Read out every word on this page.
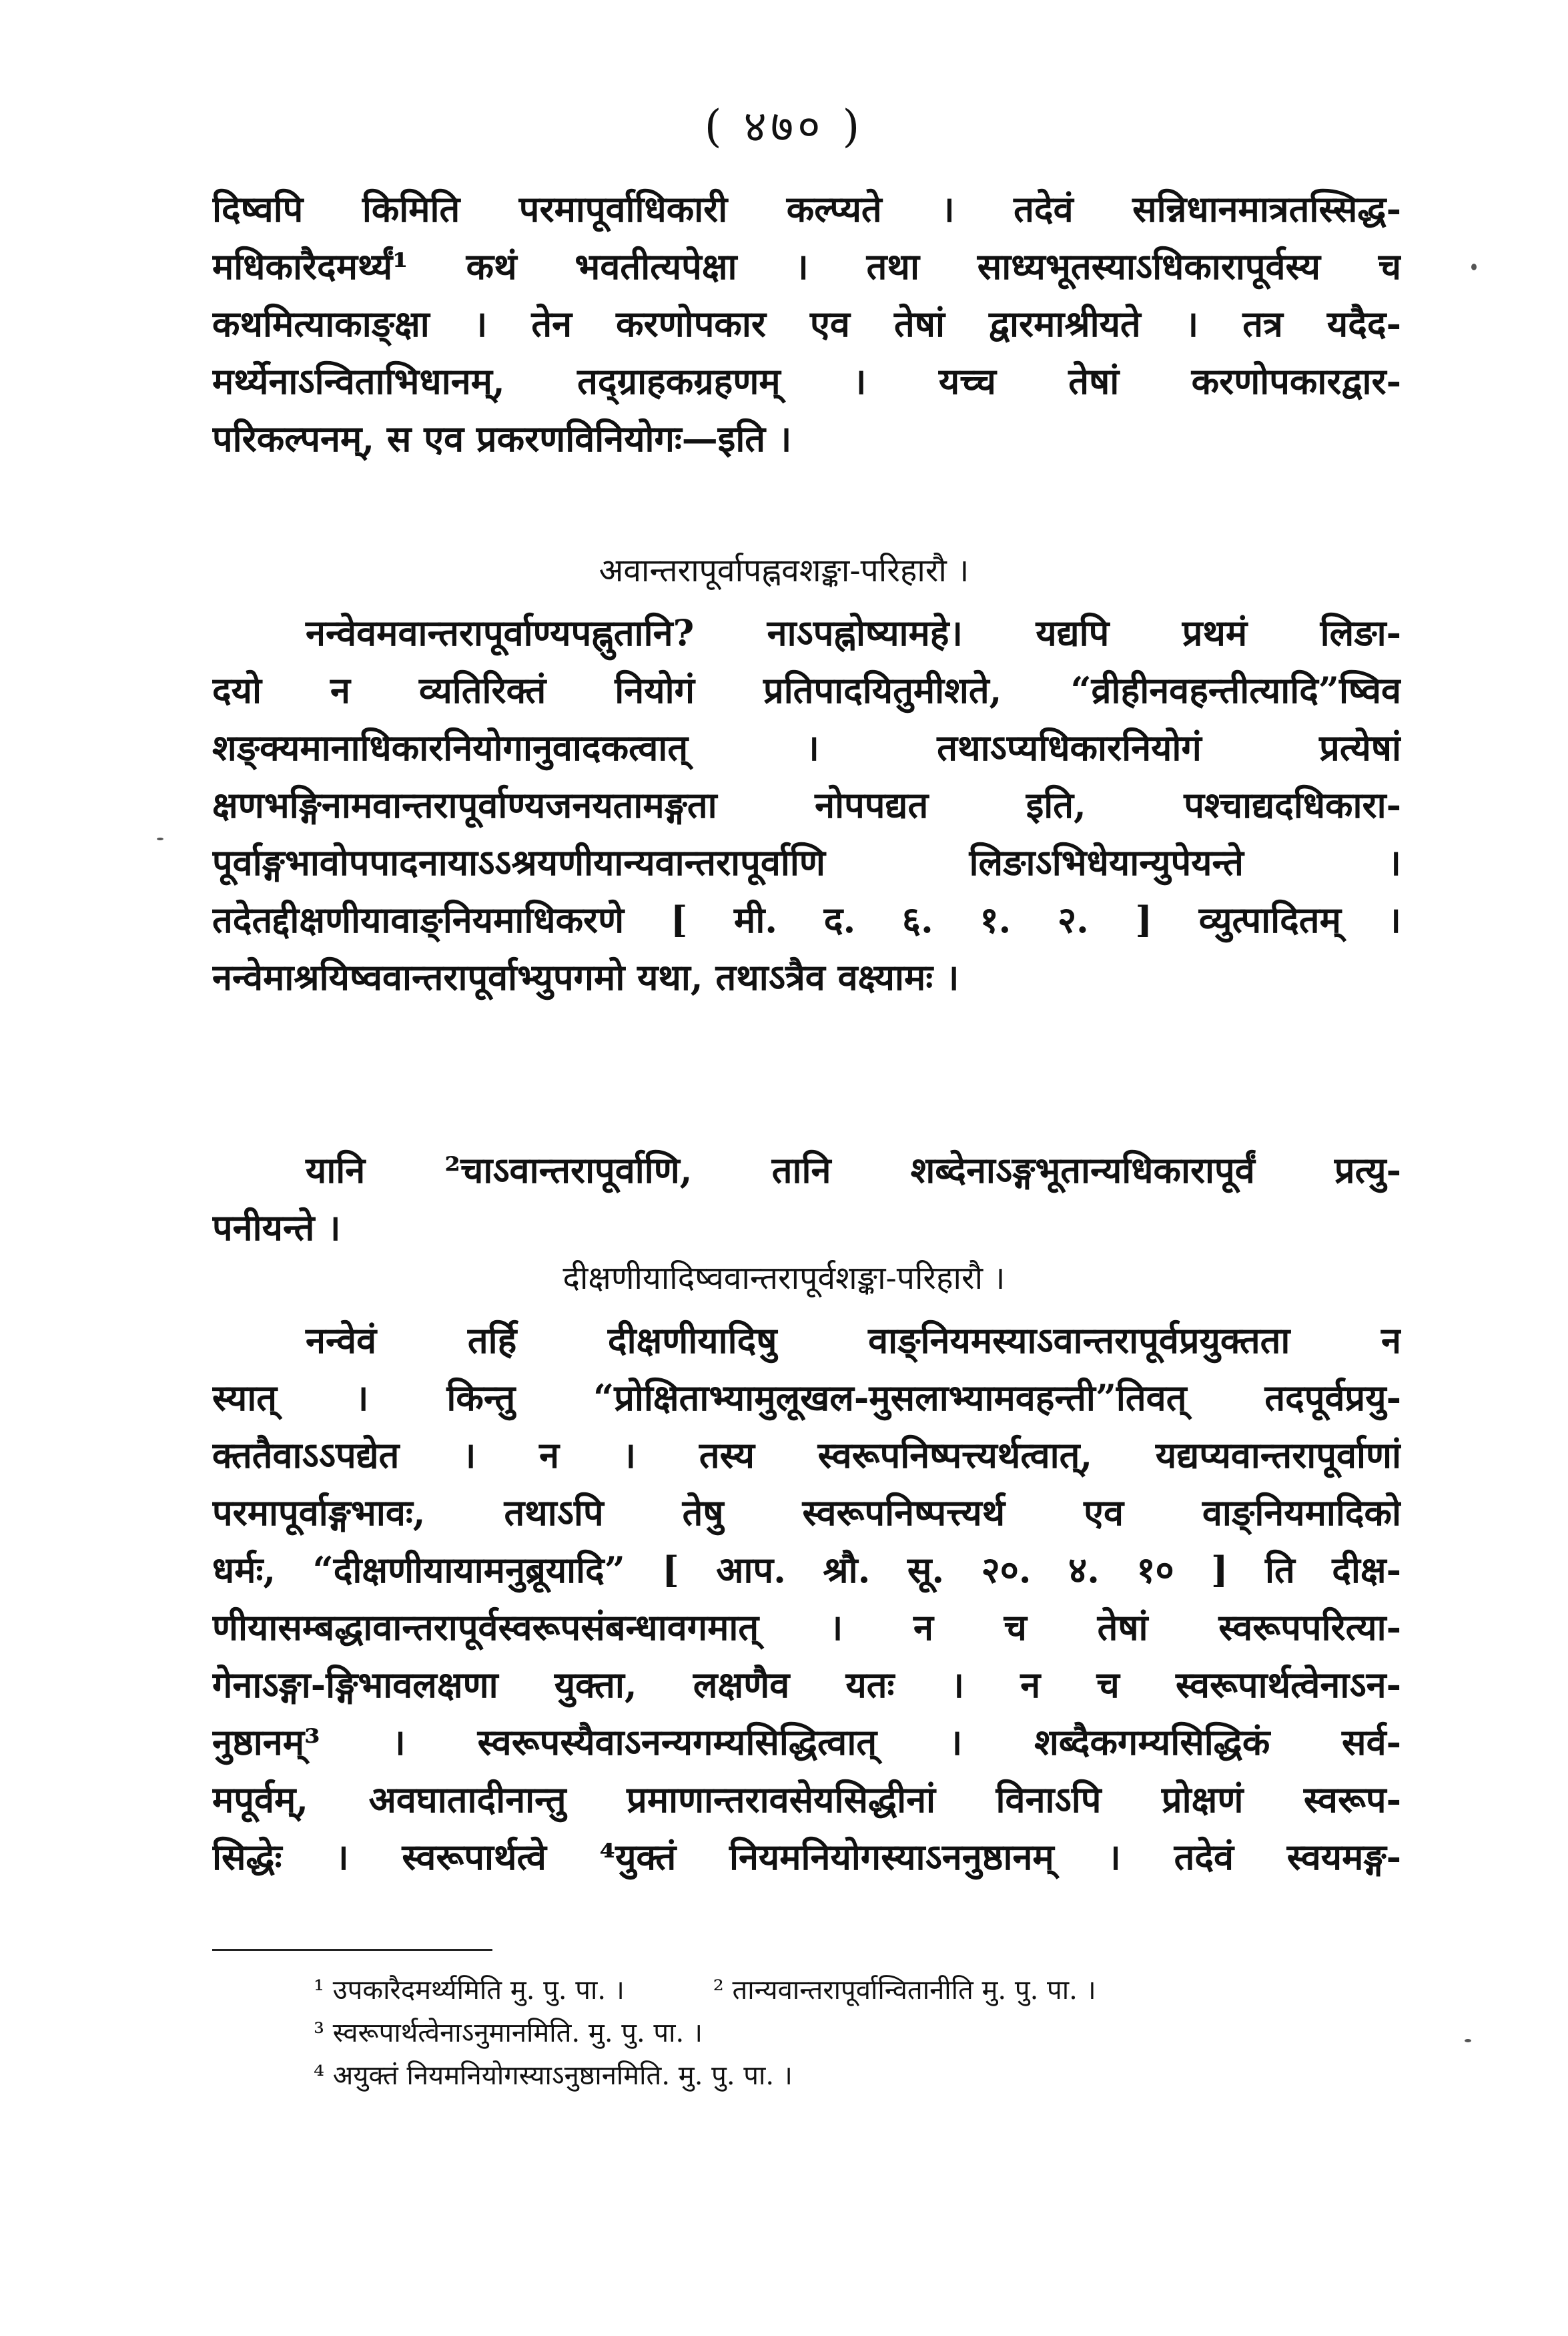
( ४७० )
दिष्वपि किमिति परमापूर्वाधिकारी कल्प्यते । तदेवं सन्निधानमात्रतस्सिद्ध-
मधिकारैदमर्थ्यं¹ कथं भवतीत्यपेक्षा । तथा साध्यभूतस्याऽधिकारापूर्वस्य च
कथमित्याकाङ्क्षा । तेन करणोपकार एव तेषां द्वारमाश्रीयते । तत्र यदैद-
मर्थ्येनाऽन्विताभिधानम्, तद्ग्राहकग्रहणम् । यच्च तेषां करणोपकारद्वार-
परिकल्पनम्, स एव प्रकरणविनियोगः—इति ।
अवान्तरापूर्वापह्नवशङ्का-परिहारौ ।
नन्वेवमवान्तरापूर्वाण्यपह्नुतानि? नाऽपह्नोष्यामहे। यद्यपि प्रथमं लिङा-
दयो न व्यतिरिक्तं नियोगं प्रतिपादयितुमीशते, “व्रीहीनवहन्तीत्यादि”ष्विव
शङ्क्यमानाधिकारनियोगानुवादकत्वात् । तथाऽप्यधिकारनियोगं प्रत्येषां
क्षणभङ्गिनामवान्तरापूर्वाण्यजनयतामङ्गता नोपपद्यत इति, पश्चाद्यदधिकारा-
पूर्वाङ्गभावोपपादनायाऽऽश्रयणीयान्यवान्तरापूर्वाणि लिङाऽभिधेयान्युपेयन्ते ।
तदेतद्दीक्षणीयावाङ्नियमाधिकरणे [ मी. द. ६. १. २. ] व्युत्पादितम् ।
नन्वेमाश्रयिष्ववान्तरापूर्वाभ्युपगमो यथा, तथाऽत्रैव वक्ष्यामः ।
यानि ²चाऽवान्तरापूर्वाणि, तानि शब्देनाऽङ्गभूतान्यधिकारापूर्वं प्रत्यु-
पनीयन्ते ।
दीक्षणीयादिष्ववान्तरापूर्वशङ्का-परिहारौ ।
नन्वेवं तर्हि दीक्षणीयादिषु वाङ्नियमस्याऽवान्तरापूर्वप्रयुक्तता न
स्यात् । किन्तु “प्रोक्षिताभ्यामुलूखल-मुसलाभ्यामवहन्ती”तिवत् तदपूर्वप्रयु-
क्ततैवाऽऽपद्येत । न । तस्य स्वरूपनिष्पत्त्यर्थत्वात्, यद्यप्यवान्तरापूर्वाणां
परमापूर्वाङ्गभावः, तथाऽपि तेषु स्वरूपनिष्पत्त्यर्थ एव वाङ्नियमादिको
धर्मः, “दीक्षणीयायामनुब्रूयादि” [ आप. श्रौ. सू. २०. ४. १० ] ति दीक्ष-
णीयासम्बद्धावान्तरापूर्वस्वरूपसंबन्धावगमात् । न च तेषां स्वरूपपरित्या-
गेनाऽङ्गा-ङ्गिभावलक्षणा युक्ता, लक्षणैव यतः । न च स्वरूपार्थत्वेनाऽन-
नुष्ठानम्³ । स्वरूपस्यैवाऽनन्यगम्यसिद्धित्वात् । शब्दैकगम्यसिद्धिकं सर्व-
मपूर्वम्, अवघातादीनान्तु प्रमाणान्तरावसेयसिद्धीनां विनाऽपि प्रोक्षणं स्वरूप-
सिद्धेः । स्वरूपार्थत्वे ⁴युक्तं नियमनियोगस्याऽननुष्ठानम् । तदेवं स्वयमङ्ग-
¹ उपकारैदमर्थ्यमिति मु. पु. पा. ।	² तान्यवान्तरापूर्वान्वितानीति मु. पु. पा. ।
³ स्वरूपार्थत्वेनाऽनुमानमिति. मु. पु. पा. ।
⁴ अयुक्तं नियमनियोगस्याऽनुष्ठानमिति. मु. पु. पा. ।
